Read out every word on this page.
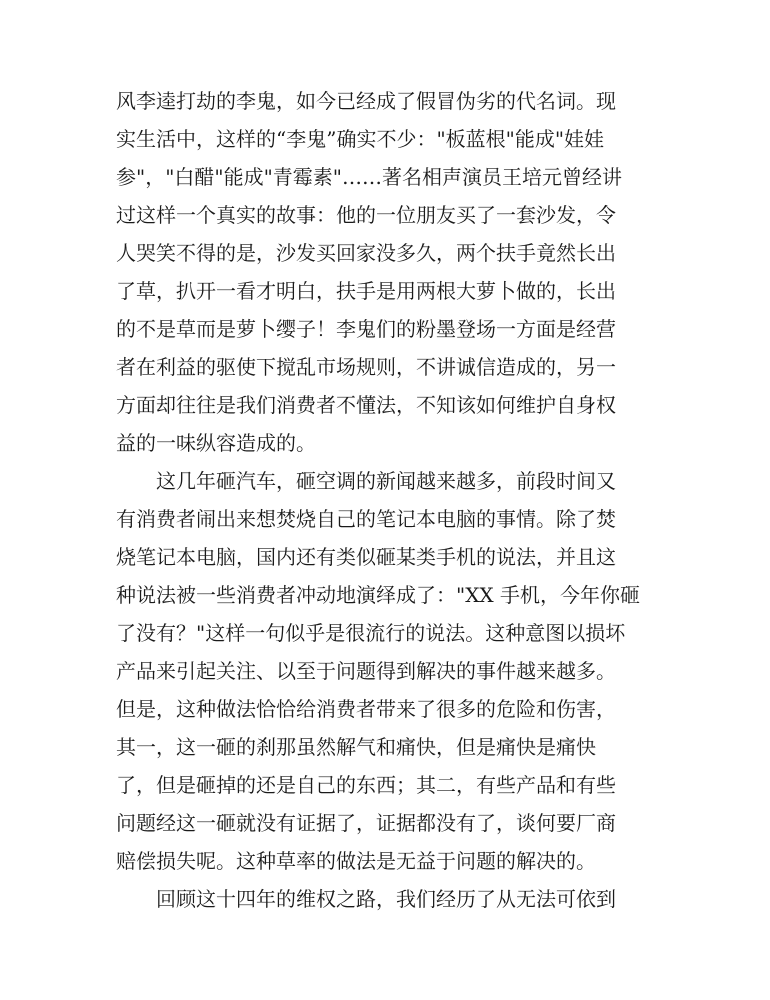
风李逵打劫的李鬼，如今已经成了假冒伪劣的代名词。现
实生活中，这样的“李鬼”确实不少："板蓝根"能成"娃娃
参"，"白醋"能成"青霉素"……著名相声演员王培元曾经讲
过这样一个真实的故事：他的一位朋友买了一套沙发，令
人哭笑不得的是，沙发买回家没多久，两个扶手竟然长出
了草，扒开一看才明白，扶手是用两根大萝卜做的，长出
的不是草而是萝卜缨子！李鬼们的粉墨登场一方面是经营
者在利益的驱使下搅乱市场规则，不讲诚信造成的，另一
方面却往往是我们消费者不懂法，不知该如何维护自身权
益的一味纵容造成的。
　　这几年砸汽车，砸空调的新闻越来越多，前段时间又
有消费者闹出来想焚烧自己的笔记本电脑的事情。除了焚
烧笔记本电脑，国内还有类似砸某类手机的说法，并且这
种说法被一些消费者冲动地演绎成了："XX 手机，今年你砸
了没有？"这样一句似乎是很流行的说法。这种意图以损坏
产品来引起关注、以至于问题得到解决的事件越来越多。
但是，这种做法恰恰给消费者带来了很多的危险和伤害，
其一，这一砸的刹那虽然解气和痛快，但是痛快是痛快
了，但是砸掉的还是自己的东西；其二，有些产品和有些
问题经这一砸就没有证据了，证据都没有了，谈何要厂商
赔偿损失呢。这种草率的做法是无益于问题的解决的。
　　回顾这十四年的维权之路，我们经历了从无法可依到
